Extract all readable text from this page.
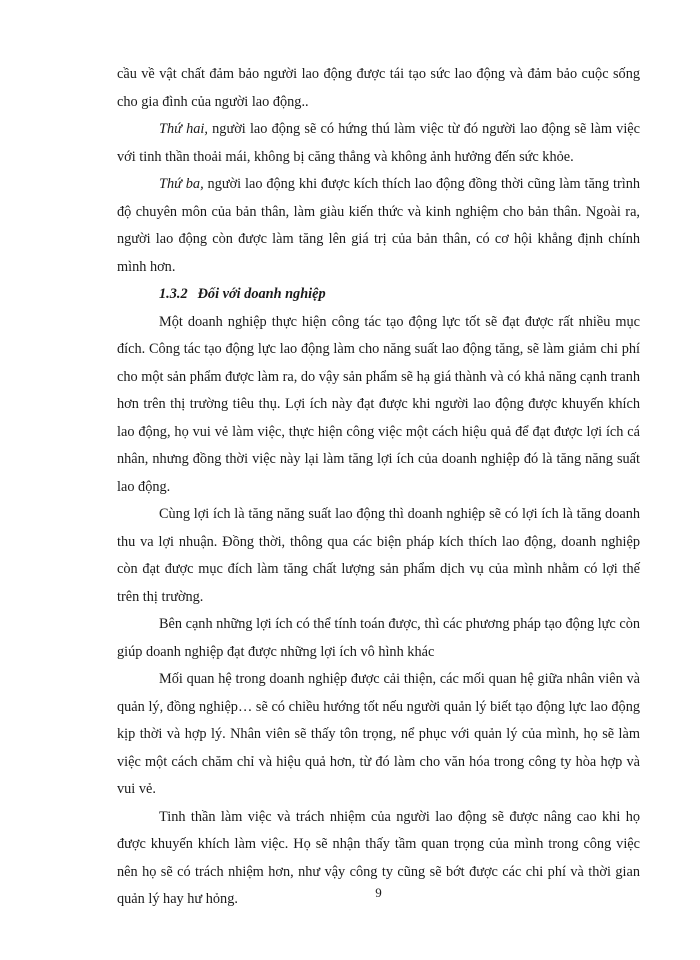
cầu về vật chất đảm bảo người lao động được tái tạo sức lao động và đảm bảo cuộc sống cho gia đình của người lao động..

Thứ hai, người lao động sẽ có hứng thú làm việc từ đó người lao động sẽ làm việc với tinh thần thoải mái, không bị căng thẳng và không ảnh hưởng đến sức khỏe.

Thứ ba, người lao động khi được kích thích lao động đồng thời cũng làm tăng trình độ chuyên môn của bản thân, làm giàu kiến thức và kinh nghiệm cho bản thân. Ngoài ra, người lao động còn được làm tăng lên giá trị của bản thân, có cơ hội khẳng định chính mình hơn.

1.3.2 Đối với doanh nghiệp

Một doanh nghiệp thực hiện công tác tạo động lực tốt sẽ đạt được rất nhiều mục đích. Công tác tạo động lực lao động làm cho năng suất lao động tăng, sẽ làm giảm chi phí cho một sản phẩm được làm ra, do vậy sản phẩm sẽ hạ giá thành và có khả năng cạnh tranh hơn trên thị trường tiêu thụ. Lợi ích này đạt được khi người lao động được khuyến khích lao động, họ vui vẻ làm việc, thực hiện công việc một cách hiệu quả để đạt được lợi ích cá nhân, nhưng đồng thời việc này lại làm tăng lợi ích của doanh nghiệp đó là tăng năng suất lao động.

Cùng lợi ích là tăng năng suất lao động thì doanh nghiệp sẽ có lợi ích là tăng doanh thu va lợi nhuận. Đồng thời, thông qua các biện pháp kích thích lao động, doanh nghiệp còn đạt được mục đích làm tăng chất lượng sản phẩm dịch vụ của mình nhằm có lợi thế trên thị trường.

Bên cạnh những lợi ích có thể tính toán được, thì các phương pháp tạo động lực còn giúp doanh nghiệp đạt được những lợi ích vô hình khác

Mối quan hệ trong doanh nghiệp được cải thiện, các mối quan hệ giữa nhân viên và quản lý, đồng nghiệp… sẽ có chiều hướng tốt nếu người quản lý biết tạo động lực lao động kịp thời và hợp lý. Nhân viên sẽ thấy tôn trọng, nể phục với quản lý của mình, họ sẽ làm việc một cách chăm chỉ và hiệu quả hơn, từ đó làm cho văn hóa trong công ty hòa hợp và vui vẻ.

Tinh thần làm việc và trách nhiệm của người lao động sẽ được nâng cao khi họ được khuyến khích làm việc. Họ sẽ nhận thấy tầm quan trọng của mình trong công việc nên họ sẽ có trách nhiệm hơn, như vậy công ty cũng sẽ bớt được các chi phí và thời gian quản lý hay hư hỏng.	9
